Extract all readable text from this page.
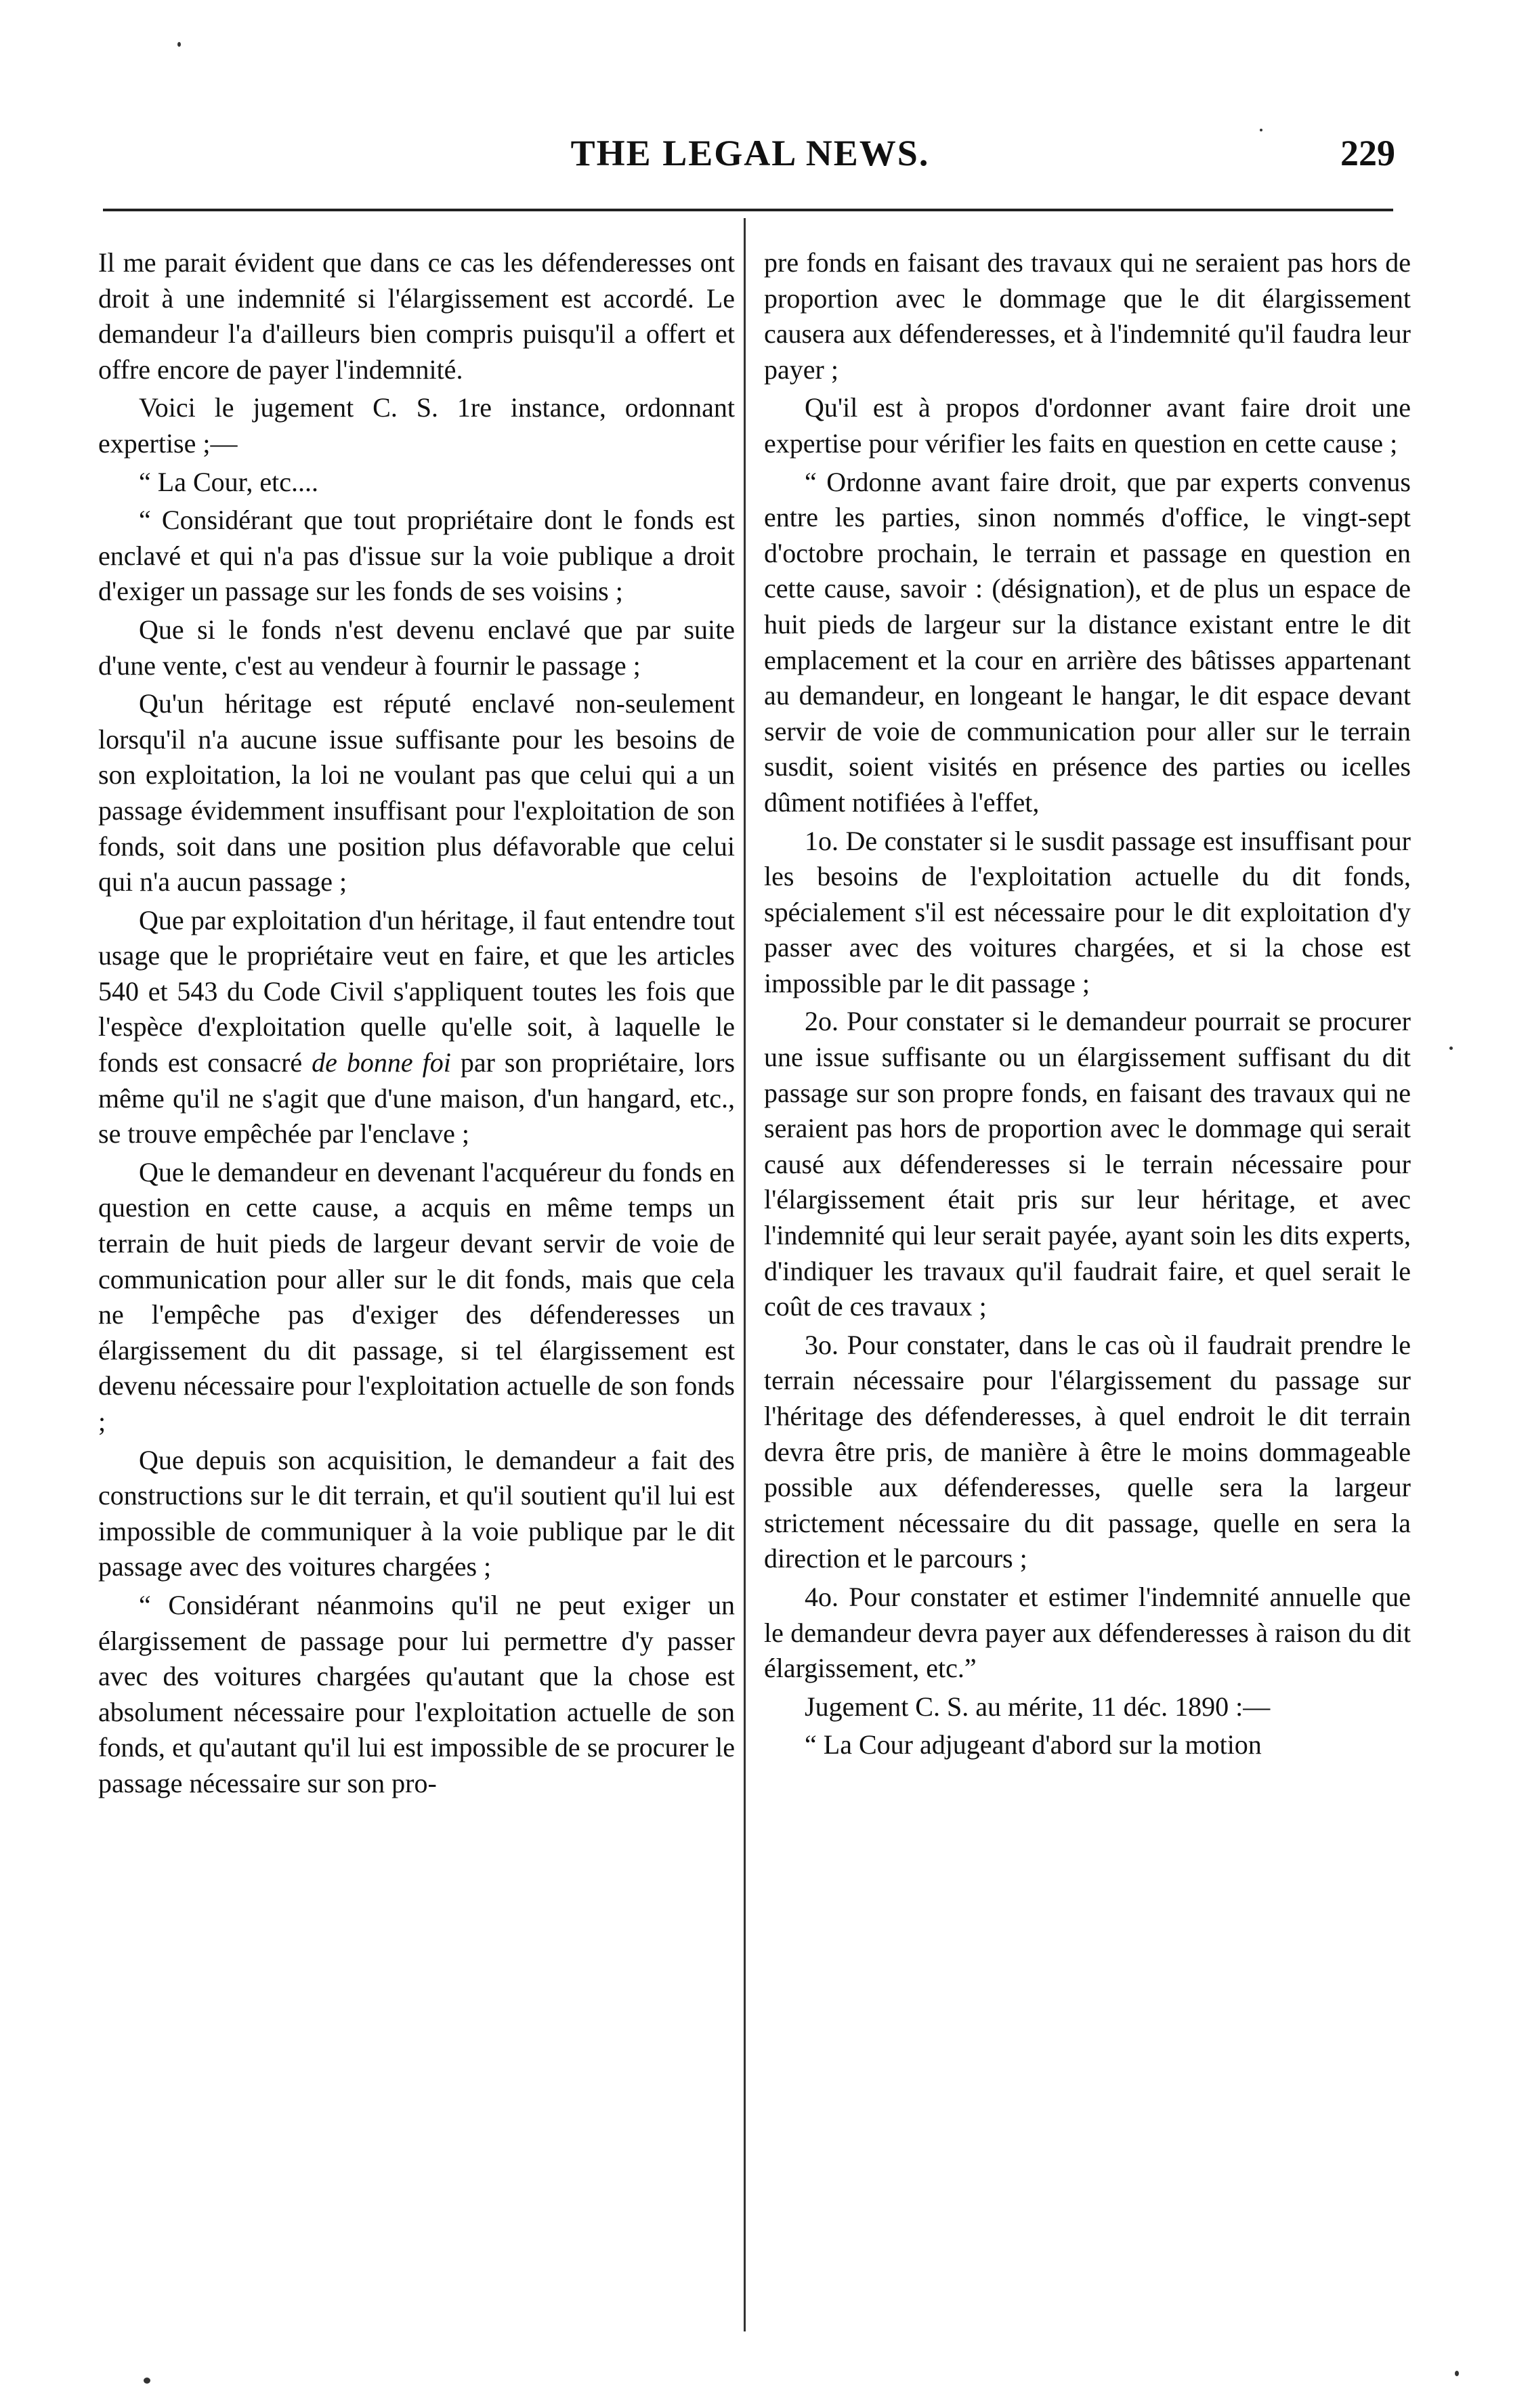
THE LEGAL NEWS.	229

Il me parait évident que dans ce cas les défenderesses ont droit à une indemnité si l'élargissement est accordé. Le demandeur l'a d'ailleurs bien compris puisqu'il a offert et offre encore de payer l'indemnité.

Voici le jugement C. S. 1re instance, ordonnant expertise ;—

“ La Cour, etc....

“ Considérant que tout propriétaire dont le fonds est enclavé et qui n'a pas d'issue sur la voie publique a droit d'exiger un passage sur les fonds de ses voisins ;

Que si le fonds n'est devenu enclavé que par suite d'une vente, c'est au vendeur à fournir le passage ;

Qu'un héritage est réputé enclavé non-seulement lorsqu'il n'a aucune issue suffisante pour les besoins de son exploitation, la loi ne voulant pas que celui qui a un passage évidemment insuffisant pour l'exploitation de son fonds, soit dans une position plus défavorable que celui qui n'a aucun passage ;

Que par exploitation d'un héritage, il faut entendre tout usage que le propriétaire veut en faire, et que les articles 540 et 543 du Code Civil s'appliquent toutes les fois que l'espèce d'exploitation quelle qu'elle soit, à laquelle le fonds est consacré de bonne foi par son propriétaire, lors même qu'il ne s'agit que d'une maison, d'un hangard, etc., se trouve empêchée par l'enclave ;

Que le demandeur en devenant l'acquéreur du fonds en question en cette cause, a acquis en même temps un terrain de huit pieds de largeur devant servir de voie de communication pour aller sur le dit fonds, mais que cela ne l'empêche pas d'exiger des défenderesses un élargissement du dit passage, si tel élargissement est devenu nécessaire pour l'exploitation actuelle de son fonds ;

Que depuis son acquisition, le demandeur a fait des constructions sur le dit terrain, et qu'il soutient qu'il lui est impossible de communiquer à la voie publique par le dit passage avec des voitures chargées ;

“ Considérant néanmoins qu'il ne peut exiger un élargissement de passage pour lui permettre d'y passer avec des voitures chargées qu'autant que la chose est absolument nécessaire pour l'exploitation actuelle de son fonds, et qu'autant qu'il lui est impossible de se procurer le passage nécessaire sur son pro-

pre fonds en faisant des travaux qui ne seraient pas hors de proportion avec le dommage que le dit élargissement causera aux défenderesses, et à l'indemnité qu'il faudra leur payer ;

Qu'il est à propos d'ordonner avant faire droit une expertise pour vérifier les faits en question en cette cause ;

“ Ordonne avant faire droit, que par experts convenus entre les parties, sinon nommés d'office, le vingt-sept d'octobre prochain, le terrain et passage en question en cette cause, savoir : (désignation), et de plus un espace de huit pieds de largeur sur la distance existant entre le dit emplacement et la cour en arrière des bâtisses appartenant au demandeur, en longeant le hangar, le dit espace devant servir de voie de communication pour aller sur le terrain susdit, soient visités en présence des parties ou icelles dûment notifiées à l'effet,

1o. De constater si le susdit passage est insuffisant pour les besoins de l'exploitation actuelle du dit fonds, spécialement s'il est nécessaire pour le dit exploitation d'y passer avec des voitures chargées, et si la chose est impossible par le dit passage ;

2o. Pour constater si le demandeur pourrait se procurer une issue suffisante ou un élargissement suffisant du dit passage sur son propre fonds, en faisant des travaux qui ne seraient pas hors de proportion avec le dommage qui serait causé aux défenderesses si le terrain nécessaire pour l'élargissement était pris sur leur héritage, et avec l'indemnité qui leur serait payée, ayant soin les dits experts, d'indiquer les travaux qu'il faudrait faire, et quel serait le coût de ces travaux ;

3o. Pour constater, dans le cas où il faudrait prendre le terrain nécessaire pour l'élargissement du passage sur l'héritage des défenderesses, à quel endroit le dit terrain devra être pris, de manière à être le moins dommageable possible aux défenderesses, quelle sera la largeur strictement nécessaire du dit passage, quelle en sera la direction et le parcours ;

4o. Pour constater et estimer l'indemnité annuelle que le demandeur devra payer aux défenderesses à raison du dit élargissement, etc.”

Jugement C. S. au mérite, 11 déc. 1890 :—

“ La Cour adjugeant d'abord sur la motion
